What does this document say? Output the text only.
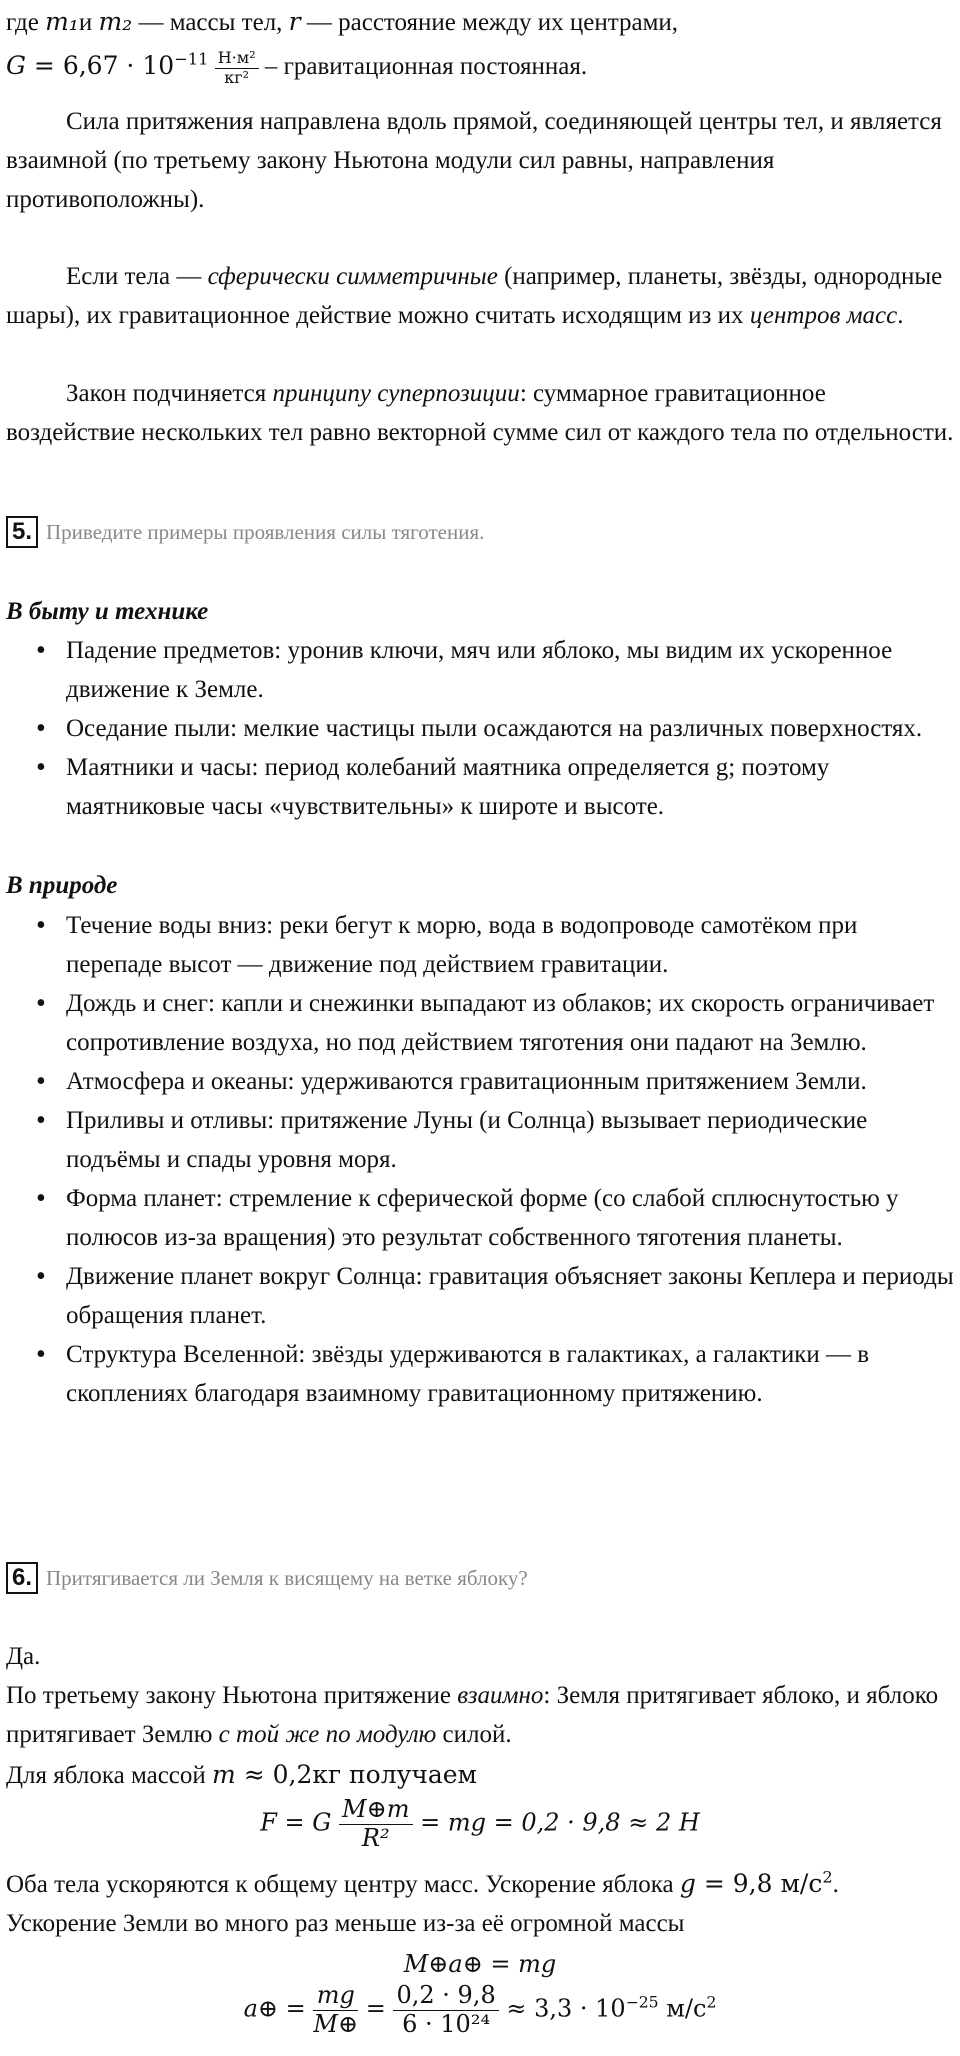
где m₁и m₂ — массы тел, r — расстояние между их центрами,

$G = 6,67 \cdot 10^{-11} \frac{\text{Н·м²}}{\text{кг²}}$ – гравитационная постоянная.

Сила притяжения направлена вдоль прямой, соединяющей центры тел, и является взаимной (по третьему закону Ньютона модули сил равны, направления противоположны).

Если тела — сферически симметричные (например, планеты, звёзды, однородные шары), их гравитационное действие можно считать исходящим из их центров масс.

Закон подчиняется принципу суперпозиции: суммарное гравитационное воздействие нескольких тел равно векторной сумме сил от каждого тела по отдельности.

5. Приведите примеры проявления силы тяготения.
В быту и технике
• Падение предметов: уронив ключи, мяч или яблоко, мы видим их ускоренное движение к Земле.
• Оседание пыли: мелкие частицы пыли осаждаются на различных поверхностях.
• Маятники и часы: период колебаний маятника определяется g; поэтому маятниковые часы «чувствительны» к широте и высоте.
В природе
• Течение воды вниз: реки бегут к морю, вода в водопроводе самотёком при перепаде высот — движение под действием гравитации.
• Дождь и снег: капли и снежинки выпадают из облаков; их скорость ограничивает сопротивление воздуха, но под действием тяготения они падают на Землю.
• Атмосфера и океаны: удерживаются гравитационным притяжением Земли.
• Приливы и отливы: притяжение Луны (и Солнца) вызывает периодические подъёмы и спады уровня моря.
• Форма планет: стремление к сферической форме (со слабой сплюснутостью у полюсов из-за вращения) это результат собственного тяготения планеты.
• Движение планет вокруг Солнца: гравитация объясняет законы Кеплера и периоды обращения планет.
• Структура Вселенной: звёзды удерживаются в галактиках, а галактики — в скоплениях благодаря взаимному гравитационному притяжению.
6. Притягивается ли Земля к висящему на ветке яблоку?

Да.

По третьему закону Ньютона притяжение взаимно: Земля притягивает яблоко, и яблоко притягивает Землю с той же по модулю силой.

Для яблока массой m ≈ 0,2кг получаем

F = G $\frac{M\oplus m}{\text{R²}}$ = mg = 0,2 · 9,8 ≈ 2 Н

Оба тела ускоряются к общему центру масс. Ускорение яблока g = 9,8 $м/с^2$.

Ускорение Земли во много раз меньше из-за её огромной массы

M⊕a⊕ = mg
a⊕ = $\frac{mg}{M\oplus} = \frac{0,2 \cdot 9,8}{\text{6 · 10²⁴}} \approx 3,3 \cdot 10^{-25}$ $м/с^2$
